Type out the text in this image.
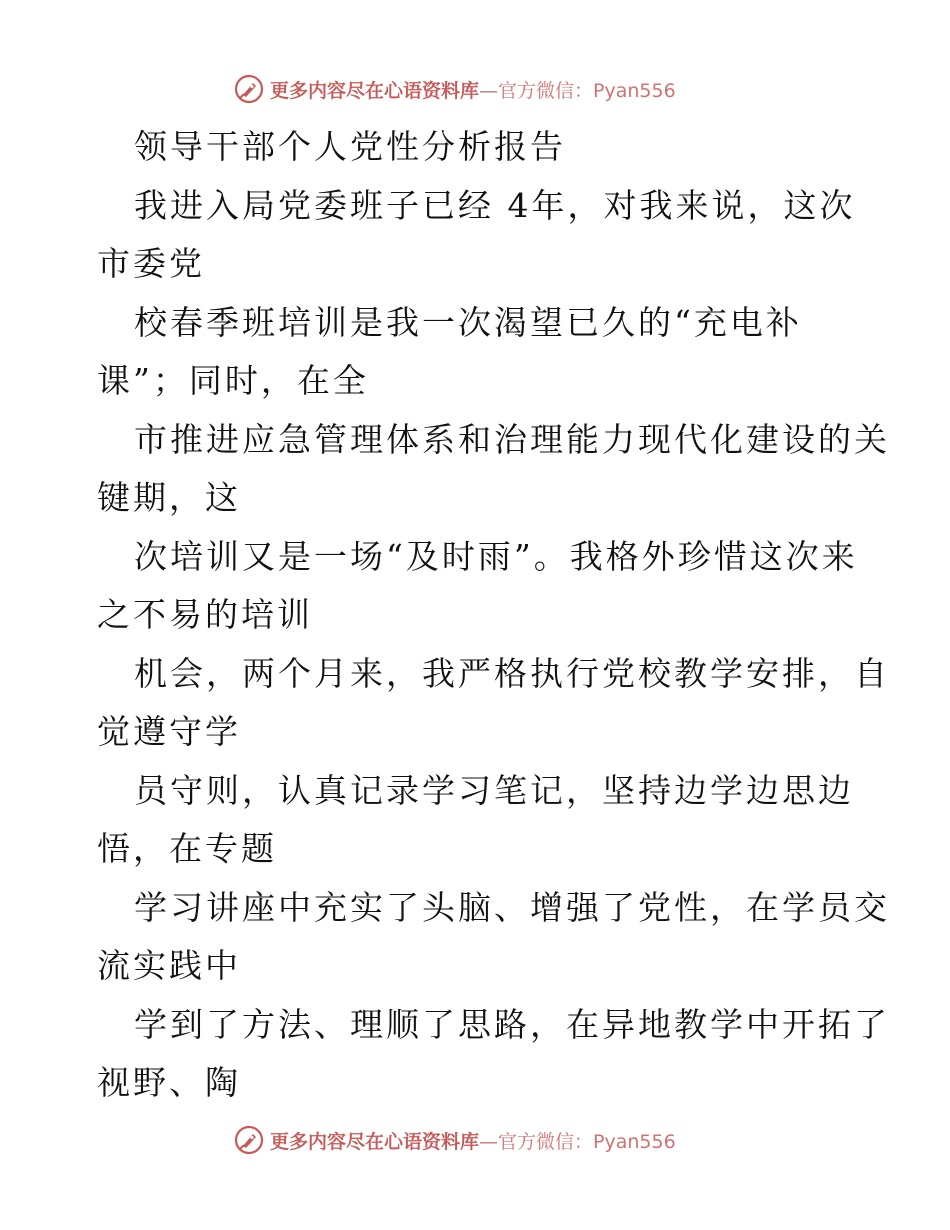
更多内容尽在心语资料库—官方微信：Pyan556
领导干部个人党性分析报告
我进入局党委班子已经 4年，对我来说，这次
市委党
校春季班培训是我一次渴望已久的“充电补
课”；同时，在全
市推进应急管理体系和治理能力现代化建设的关
键期，这
次培训又是一场“及时雨”。我格外珍惜这次来
之不易的培训
机会，两个月来，我严格执行党校教学安排，自
觉遵守学
员守则，认真记录学习笔记，坚持边学边思边
悟，在专题
学习讲座中充实了头脑、增强了党性，在学员交
流实践中
学到了方法、理顺了思路，在异地教学中开拓了
视野、陶
更多内容尽在心语资料库—官方微信：Pyan556
